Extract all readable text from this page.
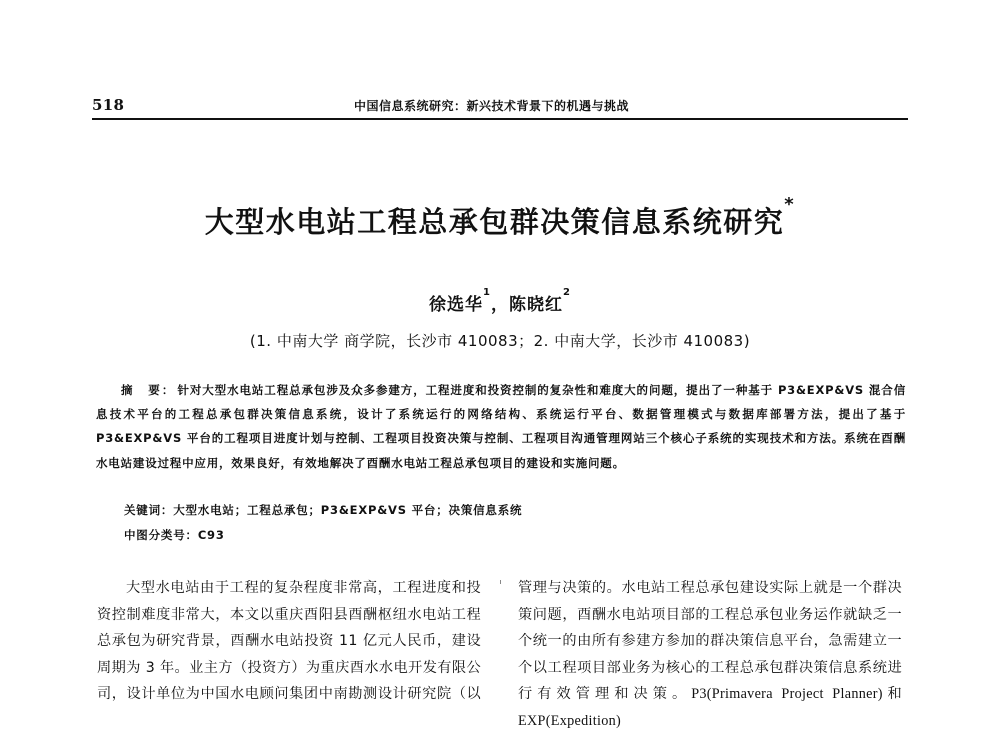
518	中国信息系统研究：新兴技术背景下的机遇与挑战
大型水电站工程总承包群决策信息系统研究*
徐选华$^1$，陈晓红$^2$
(1. 中南大学 商学院，长沙市 410083；2. 中南大学，长沙市 410083)
摘　要： 针对大型水电站工程总承包涉及众多参建方，工程进度和投资控制的复杂性和难度大的问题，提出了一种基于 P3&EXP&VS 混合信息技术平台的工程总承包群决策信息系统，设计了系统运行的网络结构、系统运行平台、数据管理模式与数据库部署方法，提出了基于 P3&EXP&VS 平台的工程项目进度计划与控制、工程项目投资决策与控制、工程项目沟通管理网站三个核心子系统的实现技术和方法。系统在酉酬水电站建设过程中应用，效果良好，有效地解决了酉酬水电站工程总承包项目的建设和实施问题。
关键词：大型水电站；工程总承包；P3&EXP&VS 平台；决策信息系统
中图分类号：C93

大型水电站由于工程的复杂程度非常高，工程进度和投资控制难度非常大，本文以重庆酉阳县酉酬枢纽水电站工程总承包为研究背景，酉酬水电站投资 11 亿元人民币，建设周期为 3 年。业主方（投资方）为重庆酉水水电开发有限公司，设计单位为中国水电顾问集团中南勘测设计研究院（以

管理与决策的。水电站工程总承包建设实际上就是一个群决策问题，酉酬水电站项目部的工程总承包业务运作就缺乏一个统一的由所有参建方参加的群决策信息平台，急需建立一个以工程项目部业务为核心的工程总承包群决策信息系统进行有效管理和决策。P3(Primavera Project Planner)和 EXP(Expedition)
